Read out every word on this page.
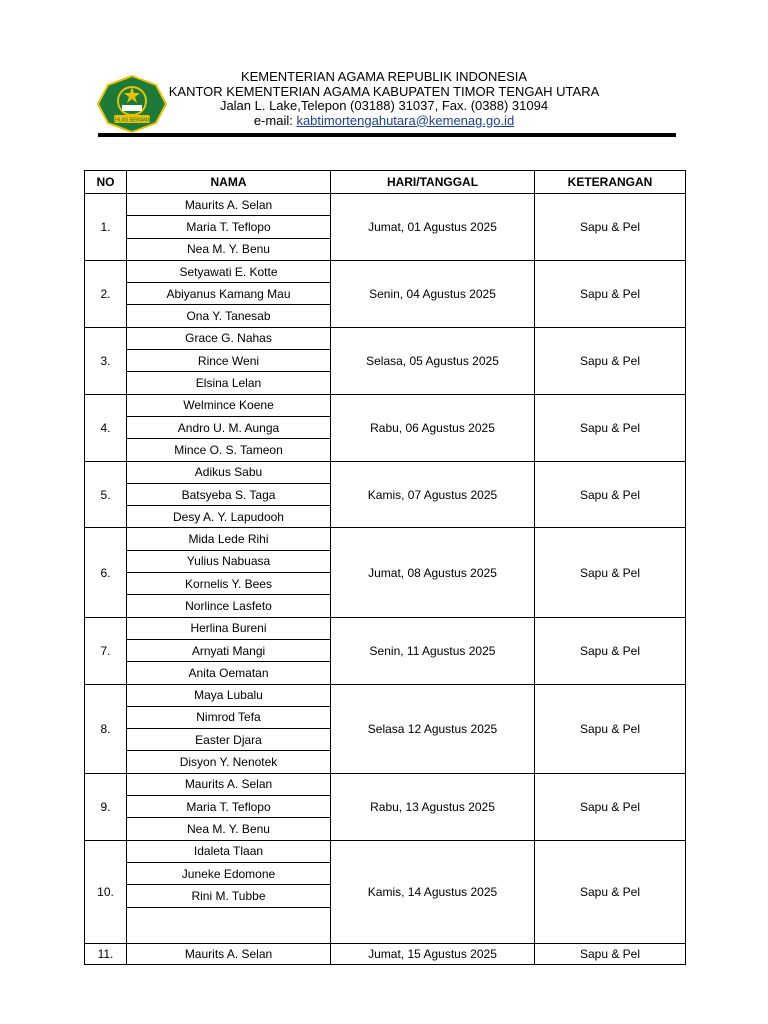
IKHLAS BERAMAL
KEMENTERIAN AGAMA REPUBLIK INDONESIA
KANTOR KEMENTERIAN AGAMA KABUPATEN TIMOR TENGAH UTARA
Jalan L. Lake,Telepon (03188) 31037, Fax. (0388) 31094
e-mail: kabtimortengahutara@kemenag.go.id
NO	NAMA	HARI/TANGGAL	KETERANGAN
1.	Maurits A. Selan	Jumat, 01 Agustus 2025	Sapu & Pel
	Maria T. Teflopo		
	Nea M. Y. Benu		
2.	Setyawati E. Kotte	Senin, 04 Agustus 2025	Sapu & Pel
	Abiyanus Kamang Mau		
	Ona Y. Tanesab		
3.	Grace G. Nahas	Selasa, 05 Agustus 2025	Sapu & Pel
	Rince Weni		
	Elsina Lelan		
4.	Welmince Koene	Rabu, 06 Agustus 2025	Sapu & Pel
	Andro U. M. Aunga		
	Mince O. S. Tameon		
5.	Adikus Sabu	Kamis, 07 Agustus 2025	Sapu & Pel
	Batsyeba S. Taga		
	Desy A. Y. Lapudooh		
6.	Mida Lede Rihi	Jumat, 08 Agustus 2025	Sapu & Pel
	Yulius Nabuasa		
	Kornelis Y. Bees		
	Norlince Lasfeto		
7.	Herlina Bureni	Senin, 11 Agustus 2025	Sapu & Pel
	Arnyati Mangi		
	Anita Oematan		
8.	Maya Lubalu	Selasa 12 Agustus 2025	Sapu & Pel
	Nimrod Tefa		
	Easter Djara		
	Disyon Y. Nenotek		
9.	Maurits A. Selan	Rabu, 13 Agustus 2025	Sapu & Pel
	Maria T. Teflopo		
	Nea M. Y. Benu		
10.	Idaleta Tlaan	Kamis, 14 Agustus 2025	Sapu & Pel
	Juneke Edomone		
	Rini M. Tubbe		

11.	Maurits A. Selan	Jumat, 15 Agustus 2025	Sapu & Pel
